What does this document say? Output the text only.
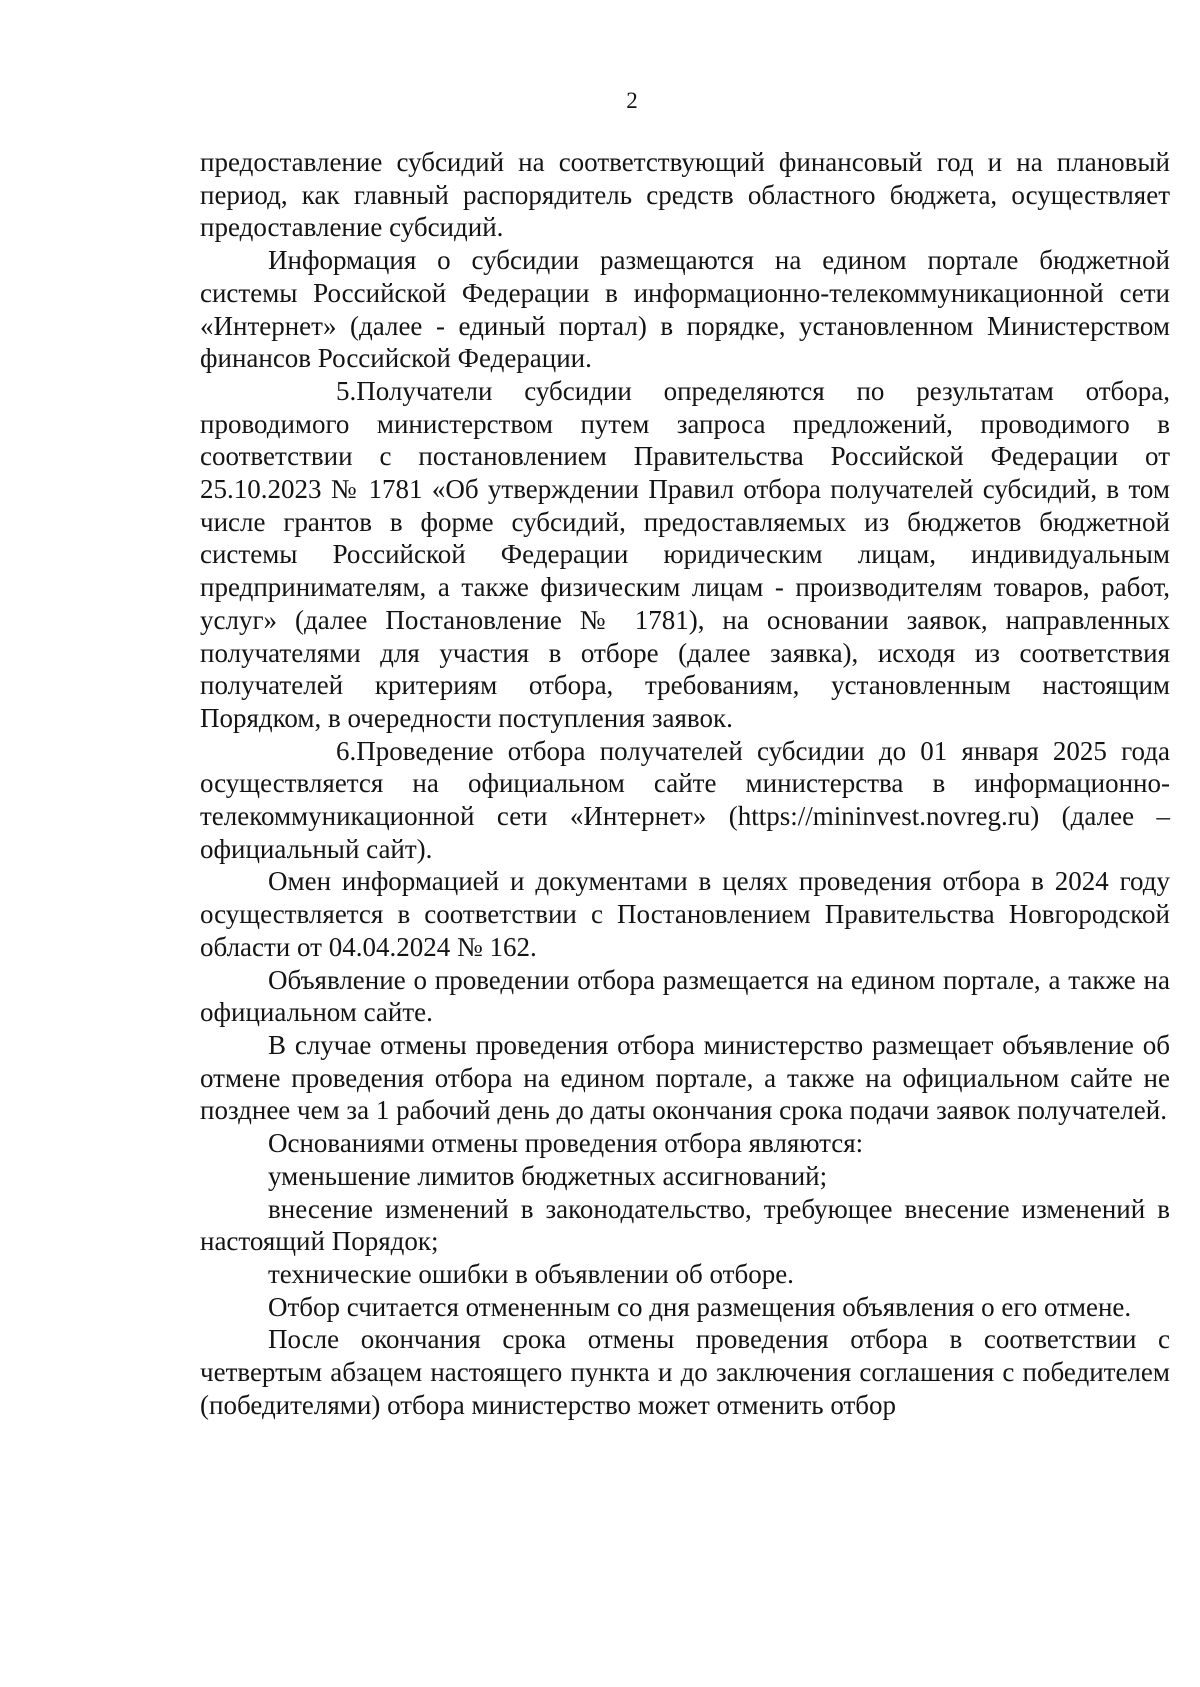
2

предоставление субсидий на соответствующий финансовый год и на плановый период, как главный распорядитель средств областного бюджета, осуществляет предоставление субсидий.

Информация о субсидии размещаются на едином портале бюджетной системы Российской Федерации в информационно-телекоммуникационной сети «Интернет» (далее - единый портал) в порядке, установленном Министерством финансов Российской Федерации.

5.Получатели субсидии определяются по результатам отбора, проводимого министерством путем запроса предложений, проводимого в соответствии с постановлением Правительства Российской Федерации от 25.10.2023 № 1781 «Об утверждении Правил отбора получателей субсидий, в том числе грантов в форме субсидий, предоставляемых из бюджетов бюджетной системы Российской Федерации юридическим лицам, индивидуальным предпринимателям, а также физическим лицам - производителям товаров, работ, услуг» (далее Постановление № 1781), на основании заявок, направленных получателями для участия в отборе (далее заявка), исходя из соответствия получателей критериям отбора, требованиям, установленным настоящим Порядком, в очередности поступления заявок.

6.Проведение отбора получателей субсидии до 01 января 2025 года осуществляется на официальном сайте министерства в информационно-телекоммуникационной сети «Интернет» (https://mininvest.novreg.ru) (далее – официальный сайт).

Омен информацией и документами в целях проведения отбора в 2024 году осуществляется в соответствии с Постановлением Правительства Новгородской области от 04.04.2024 № 162.

Объявление о проведении отбора размещается на едином портале, а также на официальном сайте.

В случае отмены проведения отбора министерство размещает объявление об отмене проведения отбора на едином портале, а также на официальном сайте не позднее чем за 1 рабочий день до даты окончания срока подачи заявок получателей.

Основаниями отмены проведения отбора являются:

уменьшение лимитов бюджетных ассигнований;

внесение изменений в законодательство, требующее внесение изменений в настоящий Порядок;

технические ошибки в объявлении об отборе.

Отбор считается отмененным со дня размещения объявления о его отмене.

После окончания срока отмены проведения отбора в соответствии с четвертым абзацем настоящего пункта и до заключения соглашения с победителем (победителями) отбора министерство может отменить отбор
